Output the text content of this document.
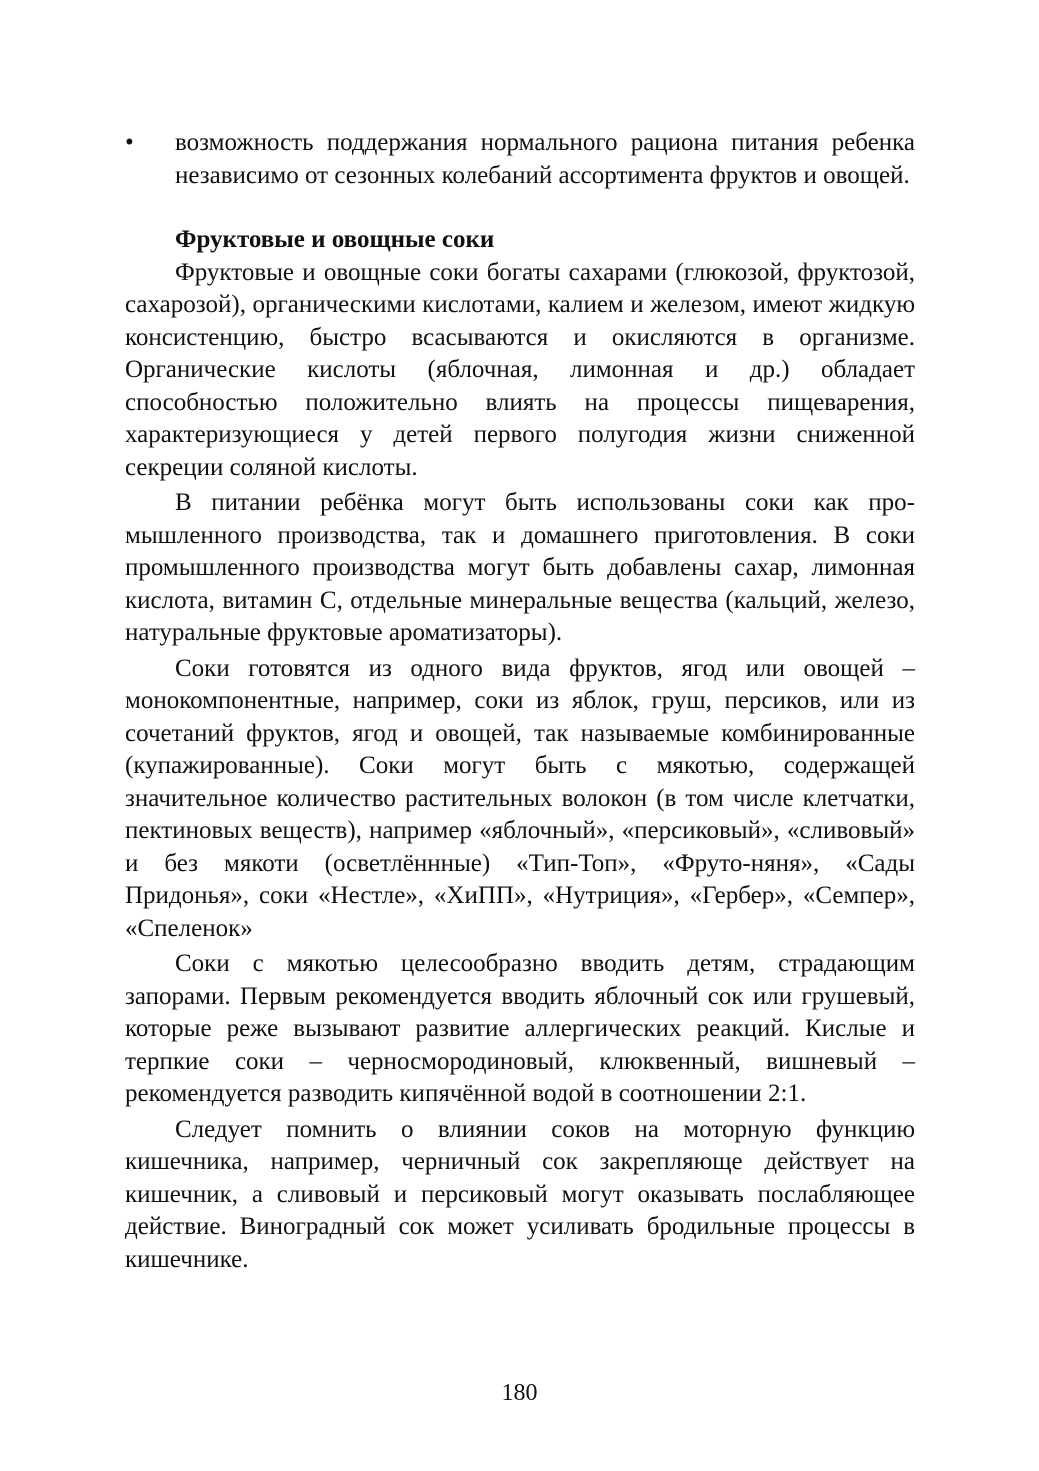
• возможность поддержания нормального рациона питания ребенка независимо от сезонных колебаний ассортимента фруктов и овощей.
Фруктовые и овощные соки

Фруктовые и овощные соки богаты сахарами (глюкозой, фруктозой, сахарозой), органическими кислотами, калием и железом, имеют жидкую консистенцию, быстро всасываются и окисляются в организме. Органические кислоты (яблочная, лимонная и др.) обладает способностью положительно влиять на процессы пищеварения, характеризующиеся у детей первого полугодия жизни сниженной секреции соляной кислоты.

В питании ребёнка могут быть использованы соки как промышленного производства, так и домашнего приготовления. В соки промышленного производства могут быть добавлены сахар, лимонная кислота, витамин С, отдельные минеральные вещества (кальций, железо, натуральные фруктовые ароматизаторы).

Соки готовятся из одного вида фруктов, ягод или овощей – монокомпонентные, например, соки из яблок, груш, персиков, или из сочетаний фруктов, ягод и овощей, так называемые комбинированные (купажированные). Соки могут быть с мякотью, содержащей значительное количество растительных волокон (в том числе клетчатки, пектиновых веществ), например «яблочный», «персиковый», «сливовый» и без мякоти (осветлённные) «Тип-Топ», «Фруто-няня», «Сады Придонья», соки «Нестле», «ХиПП», «Нутриция», «Гербер», «Семпер», «Спеленок»

Соки с мякотью целесообразно вводить детям, страдающим запорами. Первым рекомендуется вводить яблочный сок или грушевый, которые реже вызывают развитие аллергических реакций. Кислые и терпкие соки – черносмородиновый, клюквенный, вишневый – рекомендуется разводить кипячённой водой в соотношении 2:1.

Следует помнить о влиянии соков на моторную функцию кишечника, например, черничный сок закрепляюще действует на кишечник, а сливовый и персиковый могут оказывать послабляющее действие. Виноградный сок может усиливать бродильные процессы в кишечнике.

180
